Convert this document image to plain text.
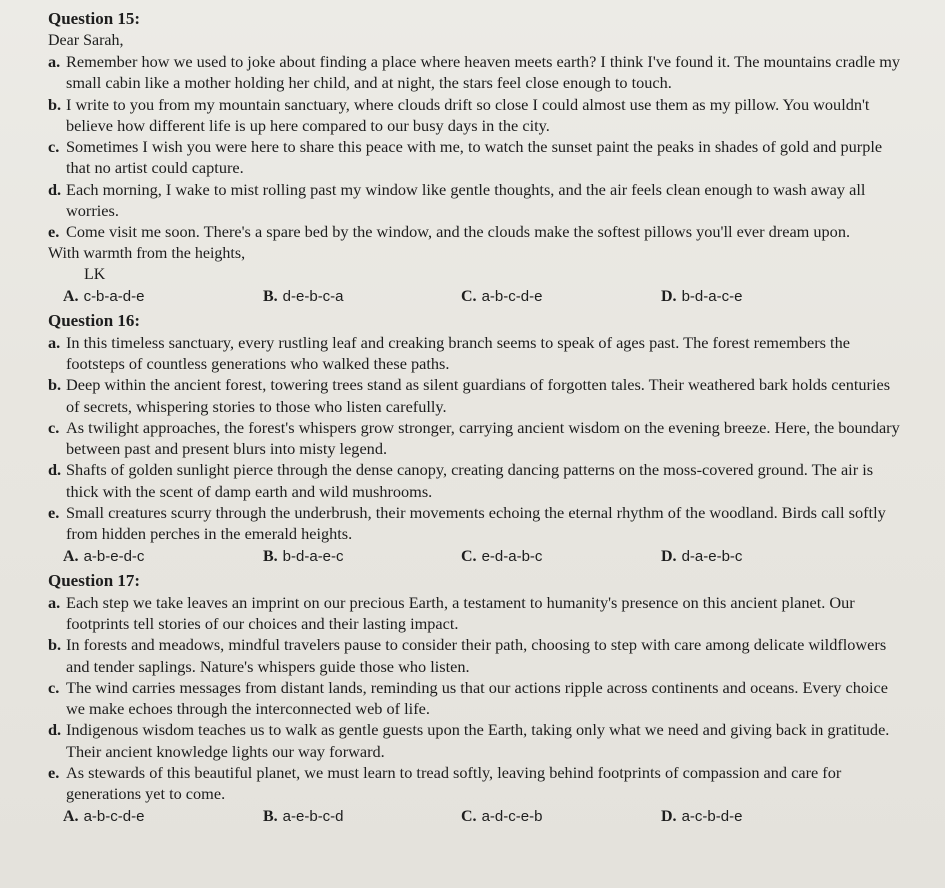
Question 15:
Dear Sarah,
a. Remember how we used to joke about finding a place where heaven meets earth? I think I've found it. The mountains cradle my small cabin like a mother holding her child, and at night, the stars feel close enough to touch.
b. I write to you from my mountain sanctuary, where clouds drift so close I could almost use them as my pillow. You wouldn't believe how different life is up here compared to our busy days in the city.
c. Sometimes I wish you were here to share this peace with me, to watch the sunset paint the peaks in shades of gold and purple that no artist could capture.
d. Each morning, I wake to mist rolling past my window like gentle thoughts, and the air feels clean enough to wash away all worries.
e. Come visit me soon. There's a spare bed by the window, and the clouds make the softest pillows you'll ever dream upon.
With warmth from the heights,
LK
A. c-b-a-d-e	B. d-e-b-c-a	C. a-b-c-d-e	D. b-d-a-c-e
Question 16:
a. In this timeless sanctuary, every rustling leaf and creaking branch seems to speak of ages past. The forest remembers the footsteps of countless generations who walked these paths.
b. Deep within the ancient forest, towering trees stand as silent guardians of forgotten tales. Their weathered bark holds centuries of secrets, whispering stories to those who listen carefully.
c. As twilight approaches, the forest's whispers grow stronger, carrying ancient wisdom on the evening breeze. Here, the boundary between past and present blurs into misty legend.
d. Shafts of golden sunlight pierce through the dense canopy, creating dancing patterns on the moss-covered ground. The air is thick with the scent of damp earth and wild mushrooms.
e. Small creatures scurry through the underbrush, their movements echoing the eternal rhythm of the woodland. Birds call softly from hidden perches in the emerald heights.
A. a-b-e-d-c	B. b-d-a-e-c	C. e-d-a-b-c	D. d-a-e-b-c
Question 17:
a. Each step we take leaves an imprint on our precious Earth, a testament to humanity's presence on this ancient planet. Our footprints tell stories of our choices and their lasting impact.
b. In forests and meadows, mindful travelers pause to consider their path, choosing to step with care among delicate wildflowers and tender saplings. Nature's whispers guide those who listen.
c. The wind carries messages from distant lands, reminding us that our actions ripple across continents and oceans. Every choice we make echoes through the interconnected web of life.
d. Indigenous wisdom teaches us to walk as gentle guests upon the Earth, taking only what we need and giving back in gratitude. Their ancient knowledge lights our way forward.
e. As stewards of this beautiful planet, we must learn to tread softly, leaving behind footprints of compassion and care for generations yet to come.
A. a-b-c-d-e	B. a-e-b-c-d	C. a-d-c-e-b	D. a-c-b-d-e
